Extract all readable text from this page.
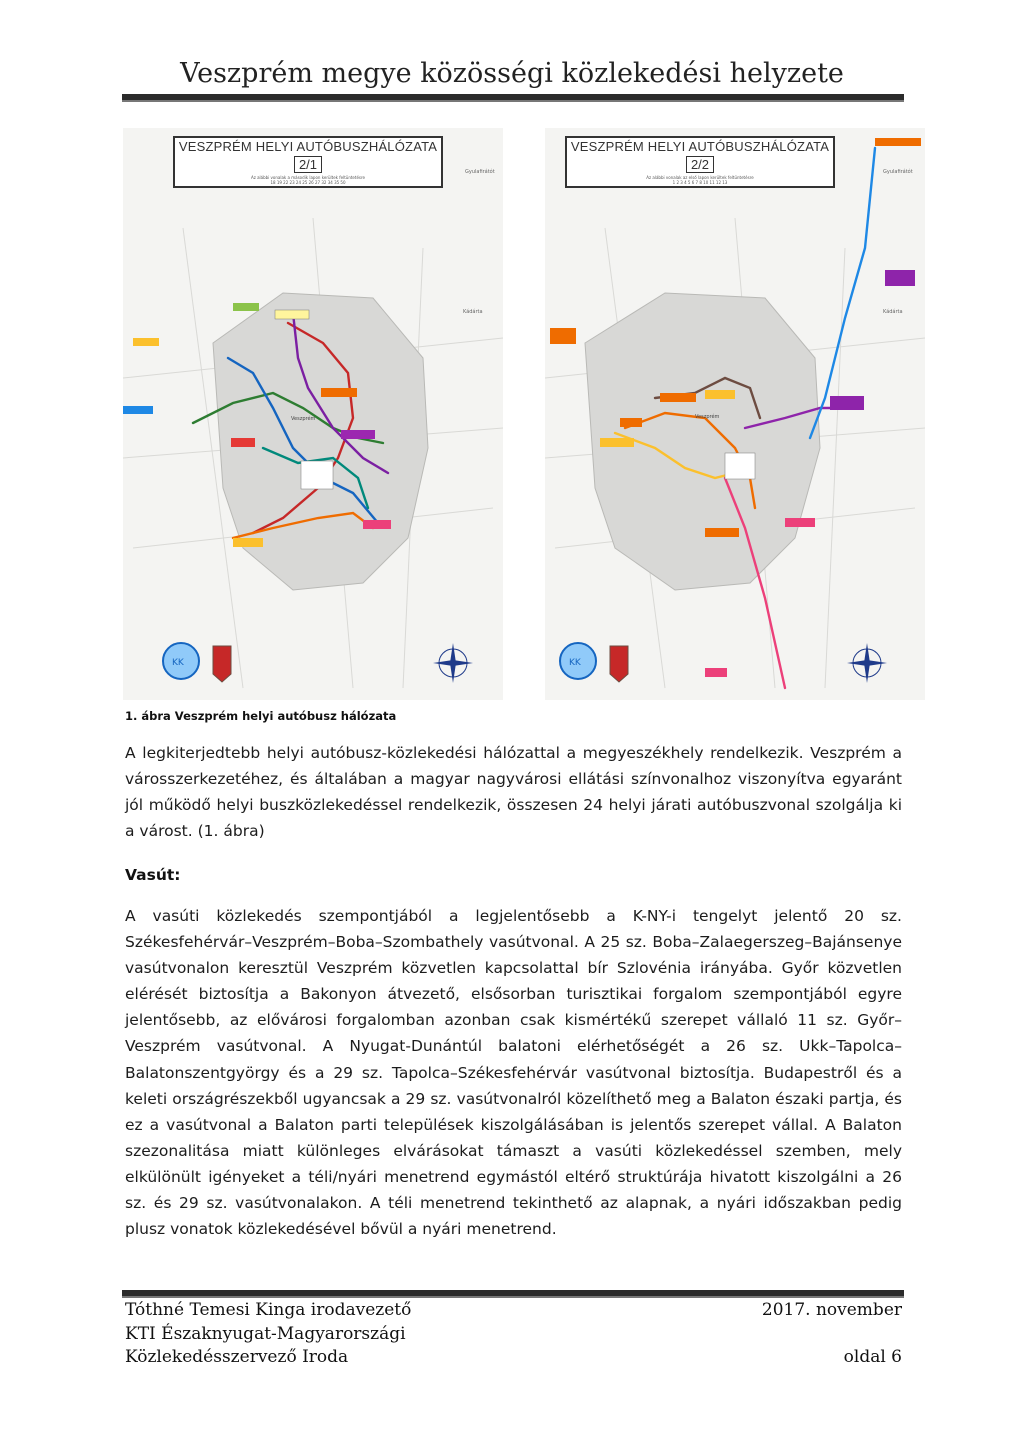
Veszprém megye közösségi közlekedési helyzete
Gyulafirátót
Kádárta
Veszprém
KK
VESZPRÉM HELYI AUTÓBUSZHÁLÓZATA
2/1
Az alábbi vonalak a második lapon kerültek feltüntetésre
18 19 22 23 24 25 26 27 32 34 35 50
Gyulafirátót
Kádárta
Veszprém
KK
VESZPRÉM HELYI AUTÓBUSZHÁLÓZATA
2/2
Az alábbi vonalak az első lapon kerültek feltüntetésre
1 2 3 4 5 6 7 8 10 11 12 13
1. ábra Veszprém helyi autóbusz hálózata

A legkiterjedtebb helyi autóbusz-közlekedési hálózattal a megyeszékhely rendelkezik. Veszprém a városszerkezetéhez, és általában a magyar nagyvárosi ellátási színvonalhoz viszonyítva egyaránt jól működő helyi buszközlekedéssel rendelkezik, összesen 24 helyi járati autóbuszvonal szolgálja ki a várost. (1. ábra)

Vasút:

A vasúti közlekedés szempontjából a legjelentősebb a K-NY-i tengelyt jelentő 20 sz. Székesfehérvár–Veszprém–Boba–Szombathely vasútvonal. A 25 sz. Boba–Zalaegerszeg–Bajánsenye vasútvonalon keresztül Veszprém közvetlen kapcsolattal bír Szlovénia irányába. Győr közvetlen elérését biztosítja a Bakonyon átvezető, elsősorban turisztikai forgalom szempontjából egyre jelentősebb, az elővárosi forgalomban azonban csak kismértékű szerepet vállaló 11 sz. Győr–Veszprém vasútvonal. A Nyugat-Dunántúl balatoni elérhetőségét a 26 sz. Ukk–Tapolca–Balatonszentgyörgy és a 29 sz. Tapolca–Székesfehérvár vasútvonal biztosítja. Budapestről és a keleti országrészekből ugyancsak a 29 sz. vasútvonalról közelíthető meg a Balaton északi partja, és ez a vasútvonal a Balaton parti települések kiszolgálásában is jelentős szerepet vállal. A Balaton szezonalitása miatt különleges elvárásokat támaszt a vasúti közlekedéssel szemben, mely elkülönült igényeket a téli/nyári menetrend egymástól eltérő struktúrája hivatott kiszolgálni a 26 sz. és 29 sz. vasútvonalakon. A téli menetrend tekinthető az alapnak, a nyári időszakban pedig plusz vonatok közlekedésével bővül a nyári menetrend.

Tóthné Temesi Kinga irodavezető
KTI Északnyugat-Magyarországi
Közlekedésszervező Iroda
2017. november
oldal 6
